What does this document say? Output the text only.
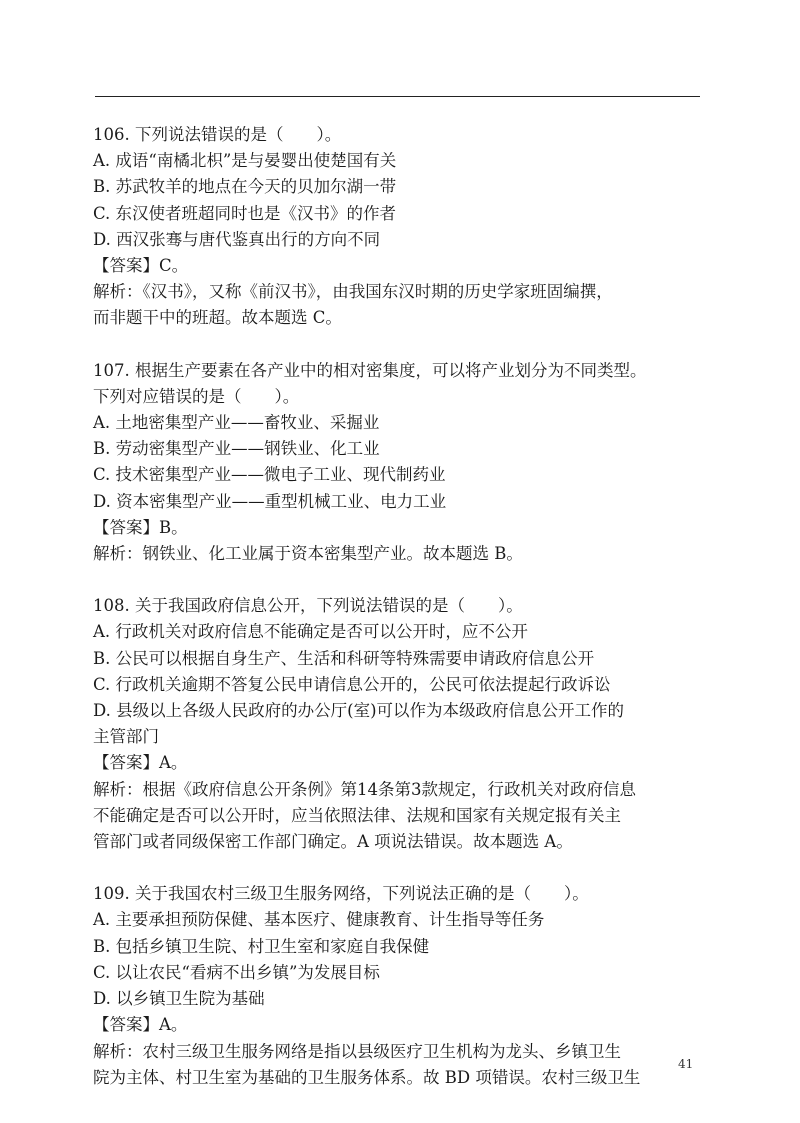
106. 下列说法错误的是（　　）。
A. 成语“南橘北枳”是与晏婴出使楚国有关
B. 苏武牧羊的地点在今天的贝加尔湖一带
C. 东汉使者班超同时也是《汉书》的作者
D. 西汉张骞与唐代鉴真出行的方向不同
【答案】C。
解析：《汉书》，又称《前汉书》，由我国东汉时期的历史学家班固编撰，
而非题干中的班超。故本题选 C。
107. 根据生产要素在各产业中的相对密集度，可以将产业划分为不同类型。
下列对应错误的是（　　）。
A. 土地密集型产业——畜牧业、采掘业
B. 劳动密集型产业——钢铁业、化工业
C. 技术密集型产业——微电子工业、现代制药业
D. 资本密集型产业——重型机械工业、电力工业
【答案】B。
解析：钢铁业、化工业属于资本密集型产业。故本题选 B。
108. 关于我国政府信息公开，下列说法错误的是（　　）。
A. 行政机关对政府信息不能确定是否可以公开时，应不公开
B. 公民可以根据自身生产、生活和科研等特殊需要申请政府信息公开
C. 行政机关逾期不答复公民申请信息公开的，公民可依法提起行政诉讼
D. 县级以上各级人民政府的办公厅(室)可以作为本级政府信息公开工作的
主管部门
【答案】A。
解析：根据《政府信息公开条例》第14条第3款规定，行政机关对政府信息
不能确定是否可以公开时，应当依照法律、法规和国家有关规定报有关主
管部门或者同级保密工作部门确定。A 项说法错误。故本题选 A。
109. 关于我国农村三级卫生服务网络，下列说法正确的是（　　）。
A. 主要承担预防保健、基本医疗、健康教育、计生指导等任务
B. 包括乡镇卫生院、村卫生室和家庭自我保健
C. 以让农民“看病不出乡镇”为发展目标
D. 以乡镇卫生院为基础
【答案】A。
解析：农村三级卫生服务网络是指以县级医疗卫生机构为龙头、乡镇卫生
院为主体、村卫生室为基础的卫生服务体系。故 BD 项错误。农村三级卫生
41
